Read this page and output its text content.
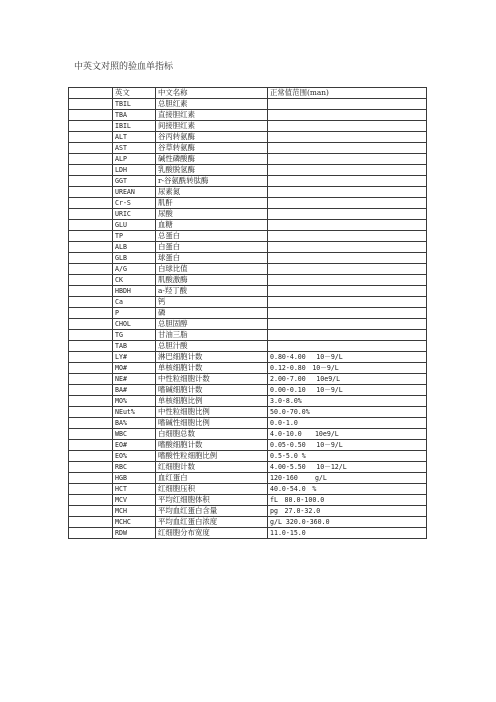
中英文对照的验血单指标
	英文	中文名称	正常值范围(man)
	TBIL	总胆红素	
	TBA	直接胆红素	
	IBIL	间接胆红素	
	ALT	谷丙转氨酶	
	AST	谷草转氨酶	
	ALP	碱性磷酸酶	
	LDH	乳酸脱氢酶	
	GGT	r-谷氨酰转肽酶	
	UREAN	尿素氮	
	Cr-S	肌酐	
	URIC	尿酸	
	GLU	血糖	
	TP	总蛋白	
	ALB	白蛋白	
	GLB	球蛋白	
	A/G	白球比值	
	CK	肌酸激酶	
	HBDH	a-羟丁酸	
	Ca	钙	
	P	磷	
	CHOL	总胆固醇	
	TG	甘油三脂	
	TAB	总胆汁酸	
	LY#	淋巴细胞计数	0.80-4.00　 10－9/L
	MO#	单核细胞计数	0.12-0.80　10－9/L
	NE#	中性粒细胞计数	2.00-7.00　 10e9/L
	BA#	嗜碱细胞计数	0.00-0.10　 10－9/L
	MO%	单核细胞比例	3.0-8.0%
	NEut%	中性粒细胞比例	50.0-70.0%
	BA%	嗜碱性细胞比例	0.0-1.0
	WBC	白细胞总数	4.0-10.0　　10e9/L
	EO#	嗜酸细胞计数	0.05-0.50　 10－9/L
	EO%	嗜酸性粒细胞比例	0.5-5.0 %
	RBC	红细胞计数	4.00-5.50　 10－12/L
	HGB	血红蛋白	120-160　　 g/L
	HCT	红细胞压积	40.0-54.0　%
	MCV	平均红细胞体积	fL　80.0-100.0
	MCH	平均血红蛋白含量	pg　27.0-32.0
	MCHC	平均血红蛋白浓度	g/L 320.0-360.0
	RDW	红细胞分布宽度	11.0-15.0
